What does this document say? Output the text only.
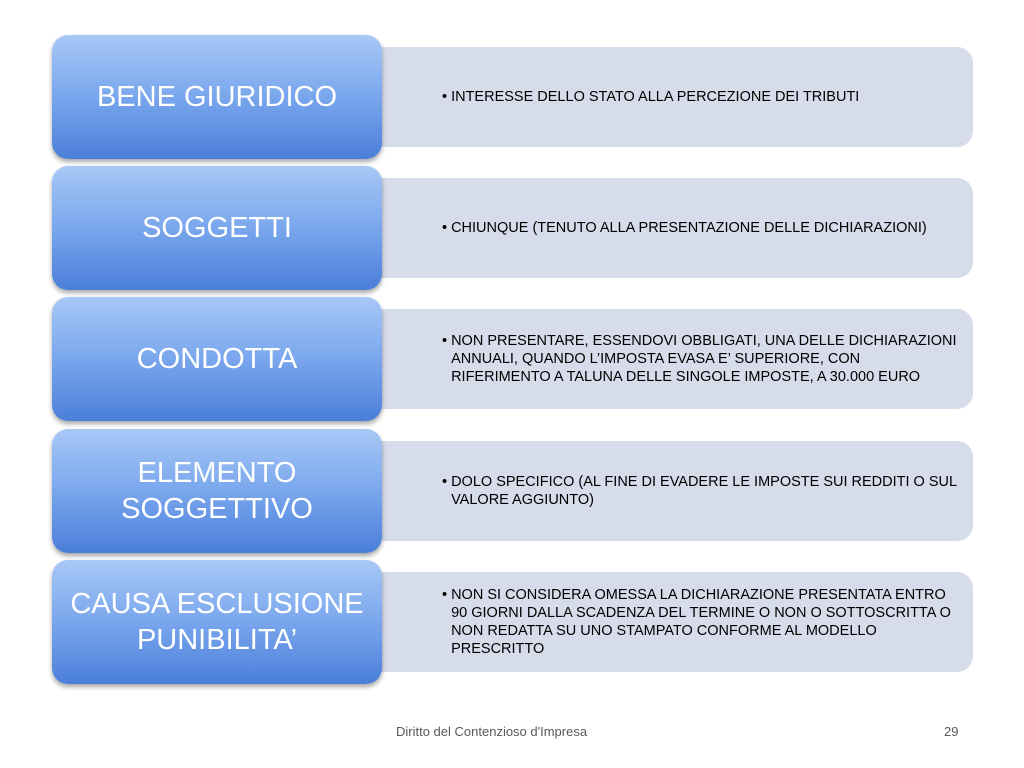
• INTERESSE DELLO STATO ALLA PERCEZIONE DEI TRIBUTI
BENE GIURIDICO
• CHIUNQUE (TENUTO ALLA PRESENTAZIONE DELLE DICHIARAZIONI)
SOGGETTI
• NON PRESENTARE, ESSENDOVI OBBLIGATI, UNA DELLE DICHIARAZIONI ANNUALI, QUANDO L’IMPOSTA EVASA E’ SUPERIORE, CON RIFERIMENTO A TALUNA DELLE SINGOLE IMPOSTE, A 30.000 EURO
CONDOTTA
• DOLO SPECIFICO (AL FINE DI EVADERE LE IMPOSTE SUI REDDITI O SUL VALORE AGGIUNTO)
ELEMENTO SOGGETTIVO
• NON SI CONSIDERA OMESSA LA DICHIARAZIONE PRESENTATA ENTRO 90 GIORNI DALLA SCADENZA DEL TERMINE O NON O SOTTOSCRITTA O NON REDATTA SU UNO STAMPATO CONFORME AL MODELLO PRESCRITTO
CAUSA ESCLUSIONE PUNIBILITA’
Diritto del Contenzioso d'Impresa	29
